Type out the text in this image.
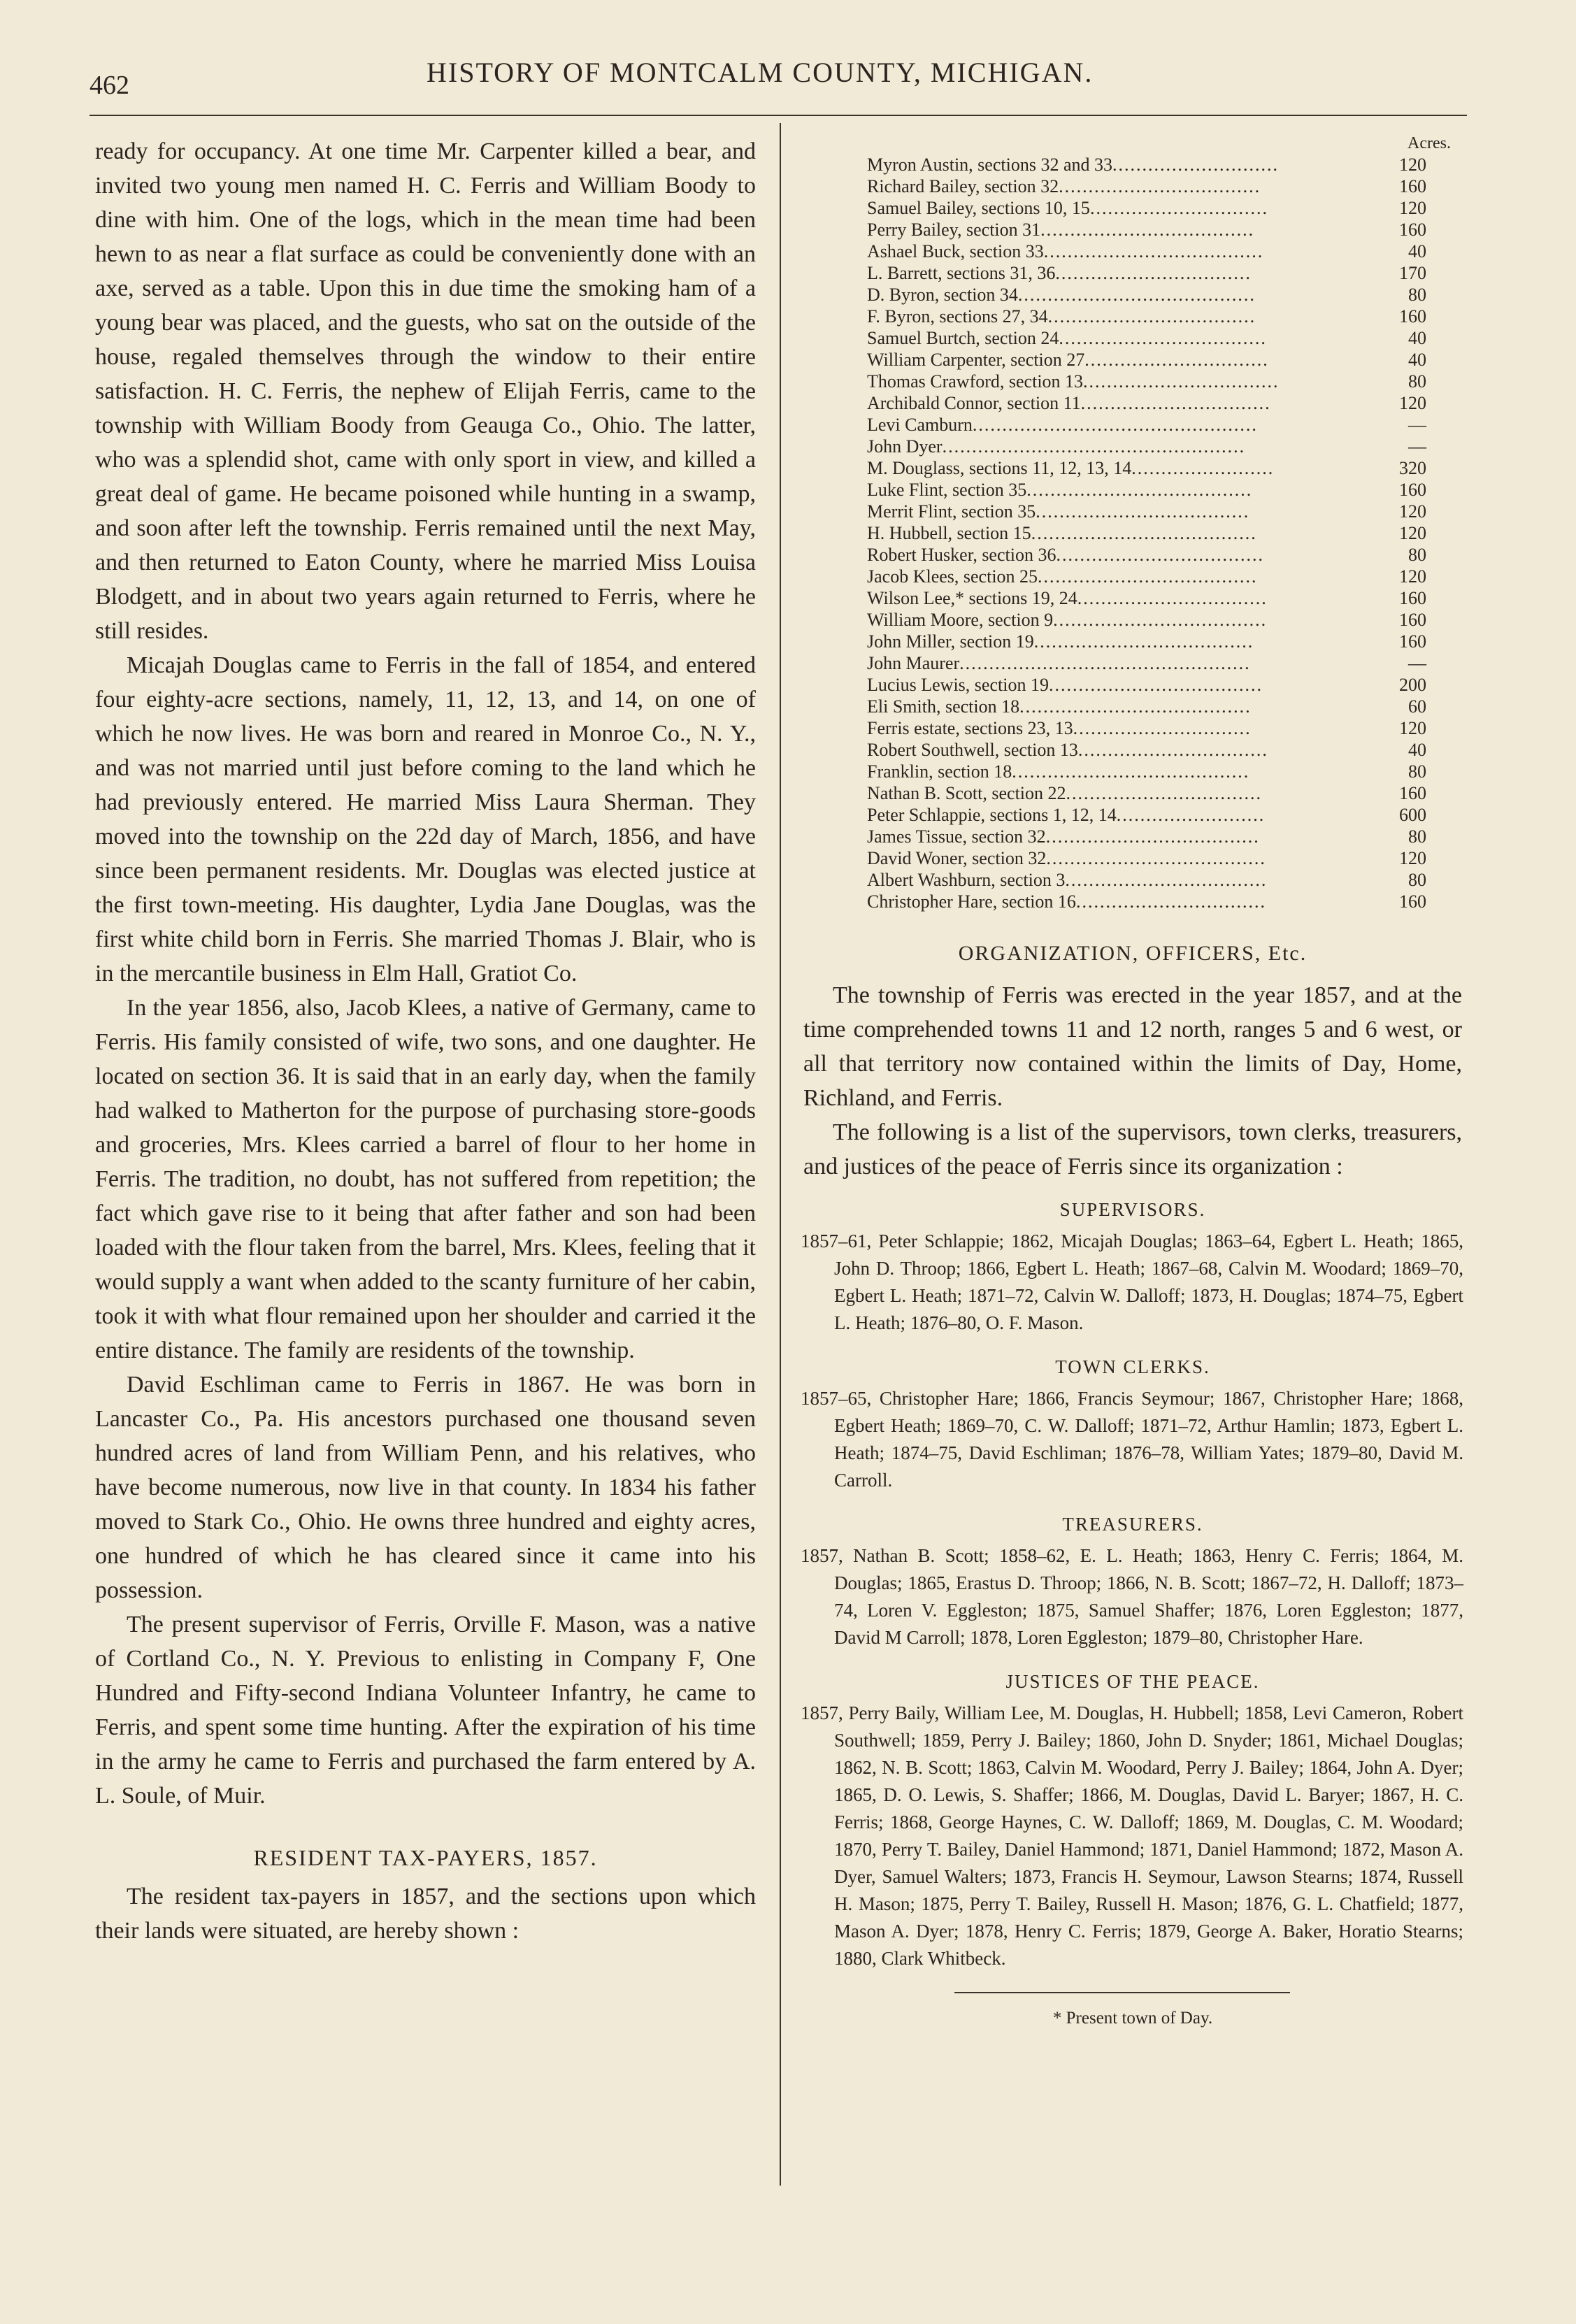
462	HISTORY OF MONTCALM COUNTY, MICHIGAN.

ready for occupancy. At one time Mr. Carpenter killed a bear, and invited two young men named H. C. Ferris and William Boody to dine with him. One of the logs, which in the mean time had been hewn to as near a flat surface as could be conveniently done with an axe, served as a table. Upon this in due time the smoking ham of a young bear was placed, and the guests, who sat on the outside of the house, regaled themselves through the window to their entire satisfaction. H. C. Ferris, the nephew of Elijah Ferris, came to the township with William Boody from Geauga Co., Ohio. The latter, who was a splendid shot, came with only sport in view, and killed a great deal of game. He became poisoned while hunting in a swamp, and soon after left the township. Ferris remained until the next May, and then returned to Eaton County, where he married Miss Louisa Blodgett, and in about two years again returned to Ferris, where he still resides.

Micajah Douglas came to Ferris in the fall of 1854, and entered four eighty-acre sections, namely, 11, 12, 13, and 14, on one of which he now lives. He was born and reared in Monroe Co., N. Y., and was not married until just before coming to the land which he had previously entered. He married Miss Laura Sherman. They moved into the township on the 22d day of March, 1856, and have since been permanent residents. Mr. Douglas was elected justice at the first town-meeting. His daughter, Lydia Jane Douglas, was the first white child born in Ferris. She married Thomas J. Blair, who is in the mercantile business in Elm Hall, Gratiot Co.

In the year 1856, also, Jacob Klees, a native of Germany, came to Ferris. His family consisted of wife, two sons, and one daughter. He located on section 36. It is said that in an early day, when the family had walked to Matherton for the purpose of purchasing store-goods and groceries, Mrs. Klees carried a barrel of flour to her home in Ferris. The tradition, no doubt, has not suffered from repetition; the fact which gave rise to it being that after father and son had been loaded with the flour taken from the barrel, Mrs. Klees, feeling that it would supply a want when added to the scanty furniture of her cabin, took it with what flour remained upon her shoulder and carried it the entire distance. The family are residents of the township.

David Eschliman came to Ferris in 1867. He was born in Lancaster Co., Pa. His ancestors purchased one thousand seven hundred acres of land from William Penn, and his relatives, who have become numerous, now live in that county. In 1834 his father moved to Stark Co., Ohio. He owns three hundred and eighty acres, one hundred of which he has cleared since it came into his possession.

The present supervisor of Ferris, Orville F. Mason, was a native of Cortland Co., N. Y. Previous to enlisting in Company F, One Hundred and Fifty-second Indiana Volunteer Infantry, he came to Ferris, and spent some time hunting. After the expiration of his time in the army he came to Ferris and purchased the farm entered by A. L. Soule, of Muir.

RESIDENT TAX-PAYERS, 1857.

The resident tax-payers in 1857, and the sections upon which their lands were situated, are hereby shown :

Acres.
Myron Austin, sections 32 and 33............................	120
Richard Bailey, section 32..................................	160
Samuel Bailey, sections 10, 15..............................	120
Perry Bailey, section 31....................................	160
Ashael Buck, section 33.....................................	40
L. Barrett, sections 31, 36.................................	170
D. Byron, section 34........................................	80
F. Byron, sections 27, 34...................................	160
Samuel Burtch, section 24...................................	40
William Carpenter, section 27...............................	40
Thomas Crawford, section 13.................................	80
Archibald Connor, section 11................................	120
Levi Camburn................................................	—
John Dyer...................................................	—
M. Douglass, sections 11, 12, 13, 14........................	320
Luke Flint, section 35......................................	160
Merrit Flint, section 35....................................	120
H. Hubbell, section 15......................................	120
Robert Husker, section 36...................................	80
Jacob Klees, section 25.....................................	120
Wilson Lee,* sections 19, 24................................	160
William Moore, section 9....................................	160
John Miller, section 19.....................................	160
John Maurer.................................................	—
Lucius Lewis, section 19....................................	200
Eli Smith, section 18.......................................	60
Ferris estate, sections 23, 13..............................	120
Robert Southwell, section 13................................	40
Franklin, section 18........................................	80
Nathan B. Scott, section 22.................................	160
Peter Schlappie, sections 1, 12, 14.........................	600
James Tissue, section 32....................................	80
David Woner, section 32.....................................	120
Albert Washburn, section 3..................................	80
Christopher Hare, section 16................................	160
ORGANIZATION, OFFICERS, Etc.

The township of Ferris was erected in the year 1857, and at the time comprehended towns 11 and 12 north, ranges 5 and 6 west, or all that territory now contained within the limits of Day, Home, Richland, and Ferris.

The following is a list of the supervisors, town clerks, treasurers, and justices of the peace of Ferris since its organization :

SUPERVISORS.

1857–61, Peter Schlappie; 1862, Micajah Douglas; 1863–64, Egbert L. Heath; 1865, John D. Throop; 1866, Egbert L. Heath; 1867–68, Calvin M. Woodard; 1869–70, Egbert L. Heath; 1871–72, Calvin W. Dalloff; 1873, H. Douglas; 1874–75, Egbert L. Heath; 1876–80, O. F. Mason.

TOWN CLERKS.

1857–65, Christopher Hare; 1866, Francis Seymour; 1867, Christopher Hare; 1868, Egbert Heath; 1869–70, C. W. Dalloff; 1871–72, Arthur Hamlin; 1873, Egbert L. Heath; 1874–75, David Eschliman; 1876–78, William Yates; 1879–80, David M. Carroll.

TREASURERS.

1857, Nathan B. Scott; 1858–62, E. L. Heath; 1863, Henry C. Ferris; 1864, M. Douglas; 1865, Erastus D. Throop; 1866, N. B. Scott; 1867–72, H. Dalloff; 1873–74, Loren V. Eggleston; 1875, Samuel Shaffer; 1876, Loren Eggleston; 1877, David M Carroll; 1878, Loren Eggleston; 1879–80, Christopher Hare.

JUSTICES OF THE PEACE.

1857, Perry Baily, William Lee, M. Douglas, H. Hubbell; 1858, Levi Cameron, Robert Southwell; 1859, Perry J. Bailey; 1860, John D. Snyder; 1861, Michael Douglas; 1862, N. B. Scott; 1863, Calvin M. Woodard, Perry J. Bailey; 1864, John A. Dyer; 1865, D. O. Lewis, S. Shaffer; 1866, M. Douglas, David L. Baryer; 1867, H. C. Ferris; 1868, George Haynes, C. W. Dalloff; 1869, M. Douglas, C. M. Woodard; 1870, Perry T. Bailey, Daniel Hammond; 1871, Daniel Hammond; 1872, Mason A. Dyer, Samuel Walters; 1873, Francis H. Seymour, Lawson Stearns; 1874, Russell H. Mason; 1875, Perry T. Bailey, Russell H. Mason; 1876, G. L. Chatfield; 1877, Mason A. Dyer; 1878, Henry C. Ferris; 1879, George A. Baker, Horatio Stearns; 1880, Clark Whitbeck.

* Present town of Day.
